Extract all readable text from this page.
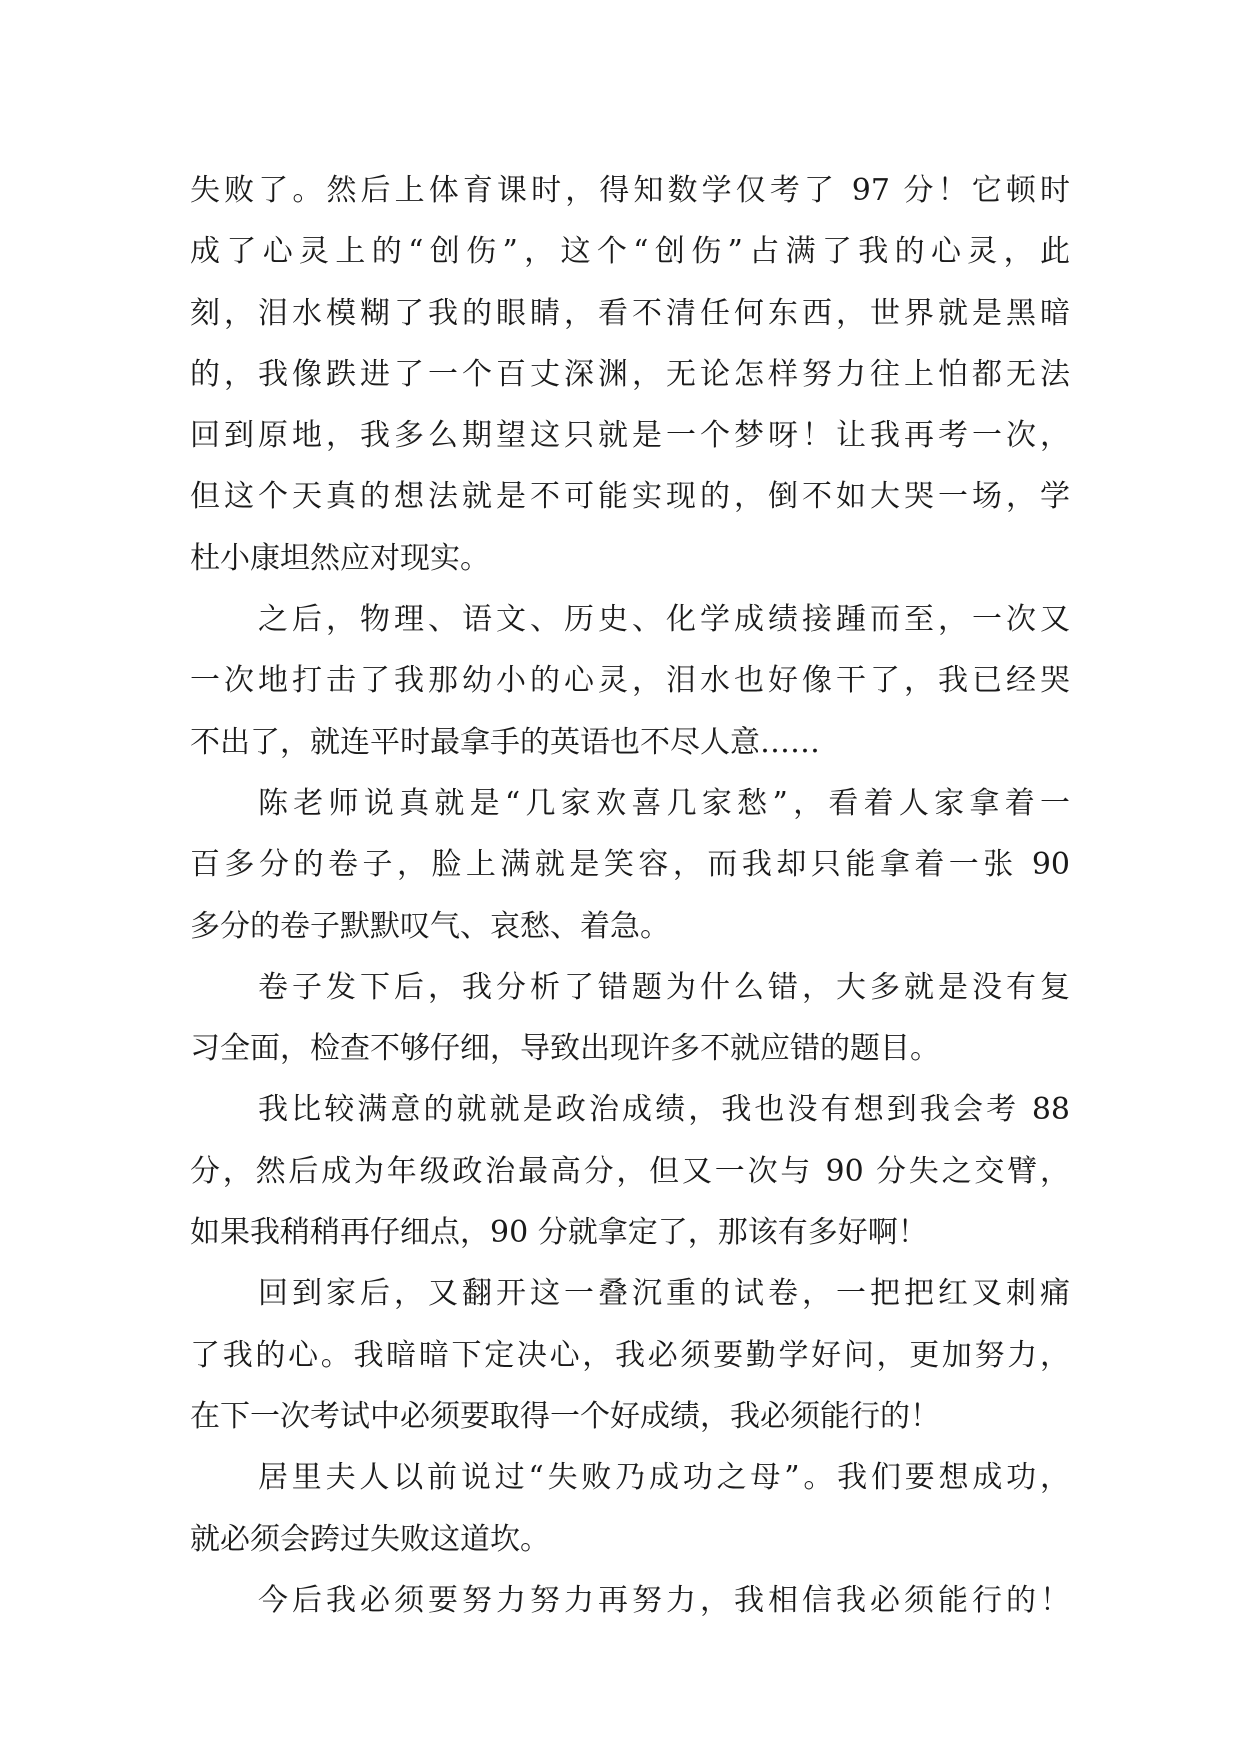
失败了。然后上体育课时，得知数学仅考了 97 分！它顿时
成了心灵上的“创伤”，这个“创伤”占满了我的心灵，此
刻，泪水模糊了我的眼睛，看不清任何东西，世界就是黑暗
的，我像跌进了一个百丈深渊，无论怎样努力往上怕都无法
回到原地，我多么期望这只就是一个梦呀！让我再考一次，
但这个天真的想法就是不可能实现的，倒不如大哭一场，学
杜小康坦然应对现实。
之后，物理、语文、历史、化学成绩接踵而至，一次又
一次地打击了我那幼小的心灵，泪水也好像干了，我已经哭
不出了，就连平时最拿手的英语也不尽人意……
陈老师说真就是“几家欢喜几家愁”，看着人家拿着一
百多分的卷子，脸上满就是笑容，而我却只能拿着一张 90
多分的卷子默默叹气、哀愁、着急。
卷子发下后，我分析了错题为什么错，大多就是没有复
习全面，检查不够仔细，导致出现许多不就应错的题目。
我比较满意的就就是政治成绩，我也没有想到我会考 88
分，然后成为年级政治最高分，但又一次与 90 分失之交臂，
如果我稍稍再仔细点，90 分就拿定了，那该有多好啊！
回到家后，又翻开这一叠沉重的试卷，一把把红叉刺痛
了我的心。我暗暗下定决心，我必须要勤学好问，更加努力，
在下一次考试中必须要取得一个好成绩，我必须能行的！
居里夫人以前说过“失败乃成功之母”。我们要想成功，
就必须会跨过失败这道坎。
今后我必须要努力努力再努力，我相信我必须能行的！
